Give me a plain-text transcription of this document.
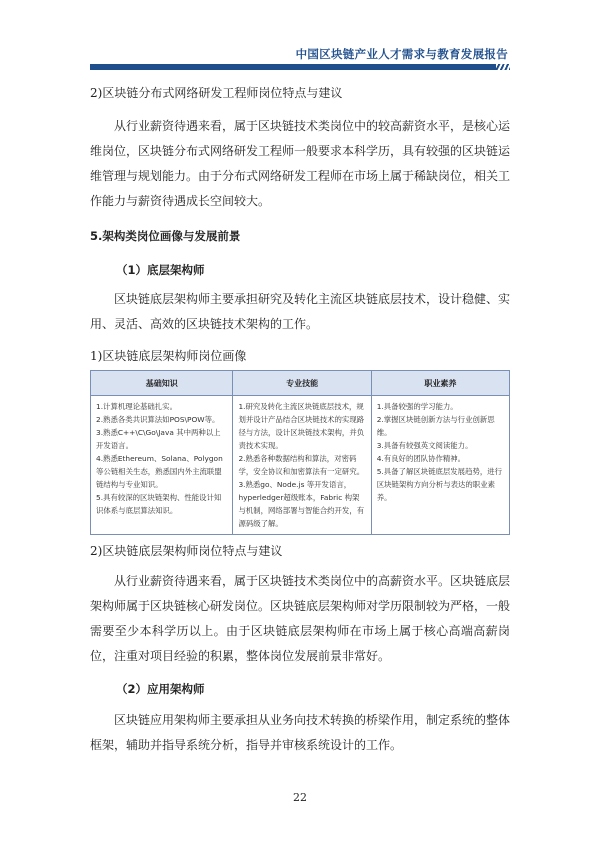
中国区块链产业人才需求与教育发展报告

2)区块链分布式网络研发工程师岗位特点与建议

从行业薪资待遇来看，属于区块链技术类岗位中的较高薪资水平，是核心运维岗位，区块链分布式网络研发工程师一般要求本科学历，具有较强的区块链运维管理与规划能力。由于分布式网络研发工程师在市场上属于稀缺岗位，相关工作能力与薪资待遇成长空间较大。

5.架构类岗位画像与发展前景

（1）底层架构师

区块链底层架构师主要承担研究及转化主流区块链底层技术，设计稳健、实用、灵活、高效的区块链技术架构的工作。

1)区块链底层架构师岗位画像

基础知识	专业技能	职业素养

1.计算机理论基础扎实。
2.熟悉各类共识算法如POS\POW等。
3.熟悉C++\C\Go\Java 其中两种以上开发语言。
4.熟悉Ethereum、Solana、Polygon等公链相关生态，熟悉国内外主流联盟链结构与专业知识。
5.具有较深的区块链架构、性能设计知识体系与底层算法知识。	1.研究及转化主流区块链底层技术，规划并设计产品结合区块链技术的实现路径与方法，设计区块链技术架构，并负责技术实现。
2.熟悉各种数据结构和算法，对密码学，安全协议和加密算法有一定研究。
3.熟悉go、Node.js 等开发语言，hyperledger超级账本，Fabric 构架与机制，网络部署与智能合约开发，有源码级了解。	1.具备较强的学习能力。
2.掌握区块链创新方法与行业创新思维。
3.具备有较强英文阅读能力。
4.有良好的团队协作精神。
5.具备了解区块链底层发展趋势，进行区块链架构方向分析与表达的职业素养。

2)区块链底层架构师岗位特点与建议

从行业薪资待遇来看，属于区块链技术类岗位中的高薪资水平。区块链底层架构师属于区块链核心研发岗位。区块链底层架构师对学历限制较为严格，一般需要至少本科学历以上。由于区块链底层架构师在市场上属于核心高端高薪岗位，注重对项目经验的积累，整体岗位发展前景非常好。

（2）应用架构师

区块链应用架构师主要承担从业务向技术转换的桥梁作用，制定系统的整体框架，辅助并指导系统分析，指导并审核系统设计的工作。

22
